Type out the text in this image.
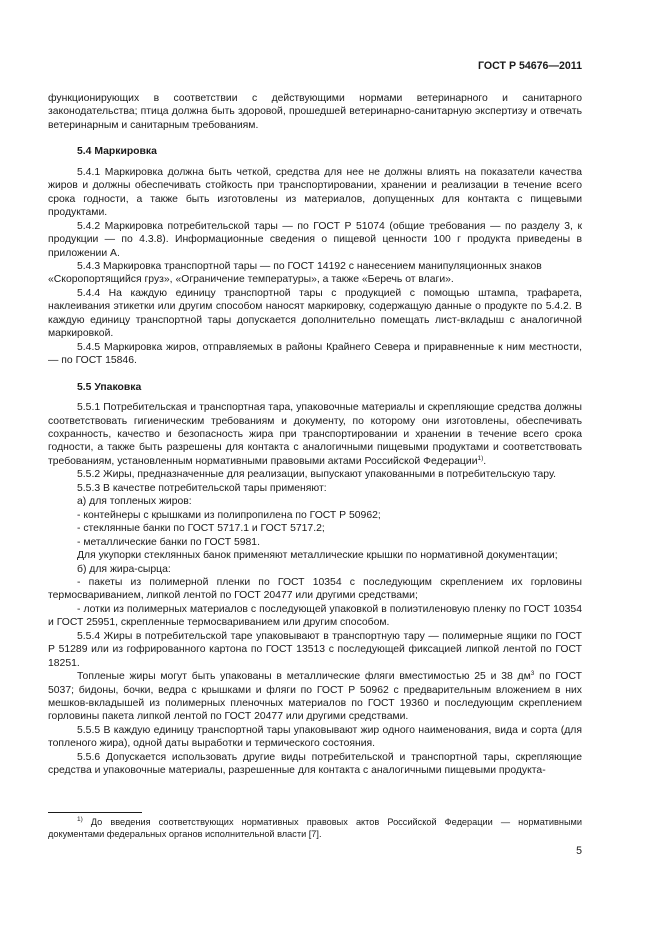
ГОСТ Р 54676—2011

функционирующих в соответствии с действующими нормами ветеринарного и санитарного законодательства; птица должна быть здоровой, прошедшей ветеринарно-санитарную экспертизу и отвечать ветеринарным и санитарным требованиям.

5.4 Маркировка

5.4.1 Маркировка должна быть четкой, средства для нее не должны влиять на показатели качества жиров и должны обеспечивать стойкость при транспортировании, хранении и реализации в течение всего срока годности, а также быть изготовлены из материалов, допущенных для контакта с пищевыми продуктами.

5.4.2 Маркировка потребительской тары — по ГОСТ Р 51074 (общие требования — по разделу 3, к продукции — по 4.3.8). Информационные сведения о пищевой ценности 100 г продукта приведены в приложении А.

5.4.3 Маркировка транспортной тары — по ГОСТ 14192 с нанесением манипуляционных знаков

«Скоропортящийся груз», «Ограничение температуры», а также «Беречь от влаги».

5.4.4 На каждую единицу транспортной тары с продукцией с помощью штампа, трафарета, наклеивания этикетки или другим способом наносят маркировку, содержащую данные о продукте по 5.4.2. В каждую единицу транспортной тары допускается дополнительно помещать лист-вкладыш с аналогичной маркировкой.

5.4.5 Маркировка жиров, отправляемых в районы Крайнего Севера и приравненные к ним местности, — по ГОСТ 15846.

5.5 Упаковка

5.5.1 Потребительская и транспортная тара, упаковочные материалы и скрепляющие средства должны соответствовать гигиеническим требованиям и документу, по которому они изготовлены, обеспечивать сохранность, качество и безопасность жира при транспортировании и хранении в течение всего срока годности, а также быть разрешены для контакта с аналогичными пищевыми продуктами и соответствовать требованиям, установленным нормативными правовыми актами Российской Федерации$^{1)}$.

5.5.2 Жиры, предназначенные для реализации, выпускают упакованными в потребительскую тару.

5.5.3 В качестве потребительской тары применяют:

а) для топленых жиров:

- контейнеры с крышками из полипропилена по ГОСТ Р 50962;

- стеклянные банки по ГОСТ 5717.1 и ГОСТ 5717.2;

- металлические банки по ГОСТ 5981.

Для укупорки стеклянных банок применяют металлические крышки по нормативной документации;

б) для жира-сырца:

- пакеты из полимерной пленки по ГОСТ 10354 с последующим скреплением их горловины термосвариванием, липкой лентой по ГОСТ 20477 или другими средствами;

- лотки из полимерных материалов с последующей упаковкой в полиэтиленовую пленку по ГОСТ 10354 и ГОСТ 25951, скрепленные термосвариванием или другим способом.

5.5.4 Жиры в потребительской таре упаковывают в транспортную тару — полимерные ящики по ГОСТ Р 51289 или из гофрированного картона по ГОСТ 13513 с последующей фиксацией липкой лентой по ГОСТ 18251.

Топленые жиры могут быть упакованы в металлические фляги вместимостью 25 и 38 $дм^3$ по ГОСТ 5037; бидоны, бочки, ведра с крышками и фляги по ГОСТ Р 50962 с предварительным вложением в них мешков-вкладышей из полимерных пленочных материалов по ГОСТ 19360 и последующим скреплением горловины пакета липкой лентой по ГОСТ 20477 или другими средствами.

5.5.5 В каждую единицу транспортной тары упаковывают жир одного наименования, вида и сорта (для топленого жира), одной даты выработки и термического состояния.

5.5.6 Допускается использовать другие виды потребительской и транспортной тары, скрепляющие средства и упаковочные материалы, разрешенные для контакта с аналогичными пищевыми продукта-

$^{1)}$ До введения соответствующих нормативных правовых актов Российской Федерации — нормативными документами федеральных органов исполнительной власти [7].

5
